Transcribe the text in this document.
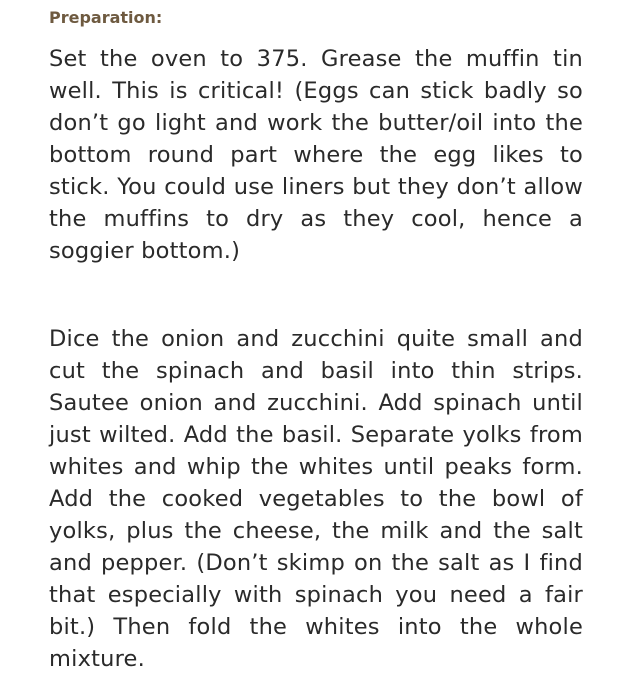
Preparation:

Set the oven to 375. Grease the muffin tin well. This is critical! (Eggs can stick badly so don’t go light and work the butter/oil into the bottom round part where the egg likes to stick. You could use liners but they don’t allow the muffins to dry as they cool, hence a soggier bottom.)

Dice the onion and zucchini quite small and cut the spinach and basil into thin strips. Sautee onion and zucchini. Add spinach until just wilted. Add the basil. Separate yolks from whites and whip the whites until peaks form. Add the cooked vegetables to the bowl of yolks, plus the cheese, the milk and the salt and pepper. (Don’t skimp on the salt as I find that especially with spinach you need a fair bit.) Then fold the whites into the whole mixture.
